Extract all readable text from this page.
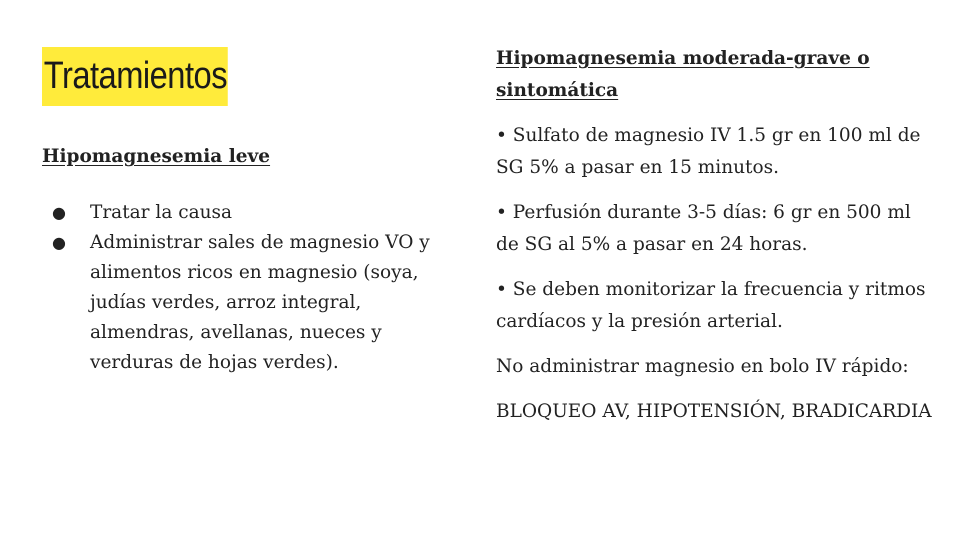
Tratamientos
Hipomagnesemia leve
● Tratar la causa
● Administrar sales de magnesio VO y alimentos ricos en magnesio (soya, judías verdes, arroz integral, almendras, avellanas, nueces y verduras de hojas verdes).
Hipomagnesemia moderada-grave o sintomática
• Sulfato de magnesio IV 1.5 gr en 100 ml de SG 5% a pasar en 15 minutos.
• Perfusión durante 3-5 días: 6 gr en 500 ml de SG al 5% a pasar en 24 horas.
• Se deben monitorizar la frecuencia y ritmos cardíacos y la presión arterial.
No administrar magnesio en bolo IV rápido:
BLOQUEO AV, HIPOTENSIÓN, BRADICARDIA
